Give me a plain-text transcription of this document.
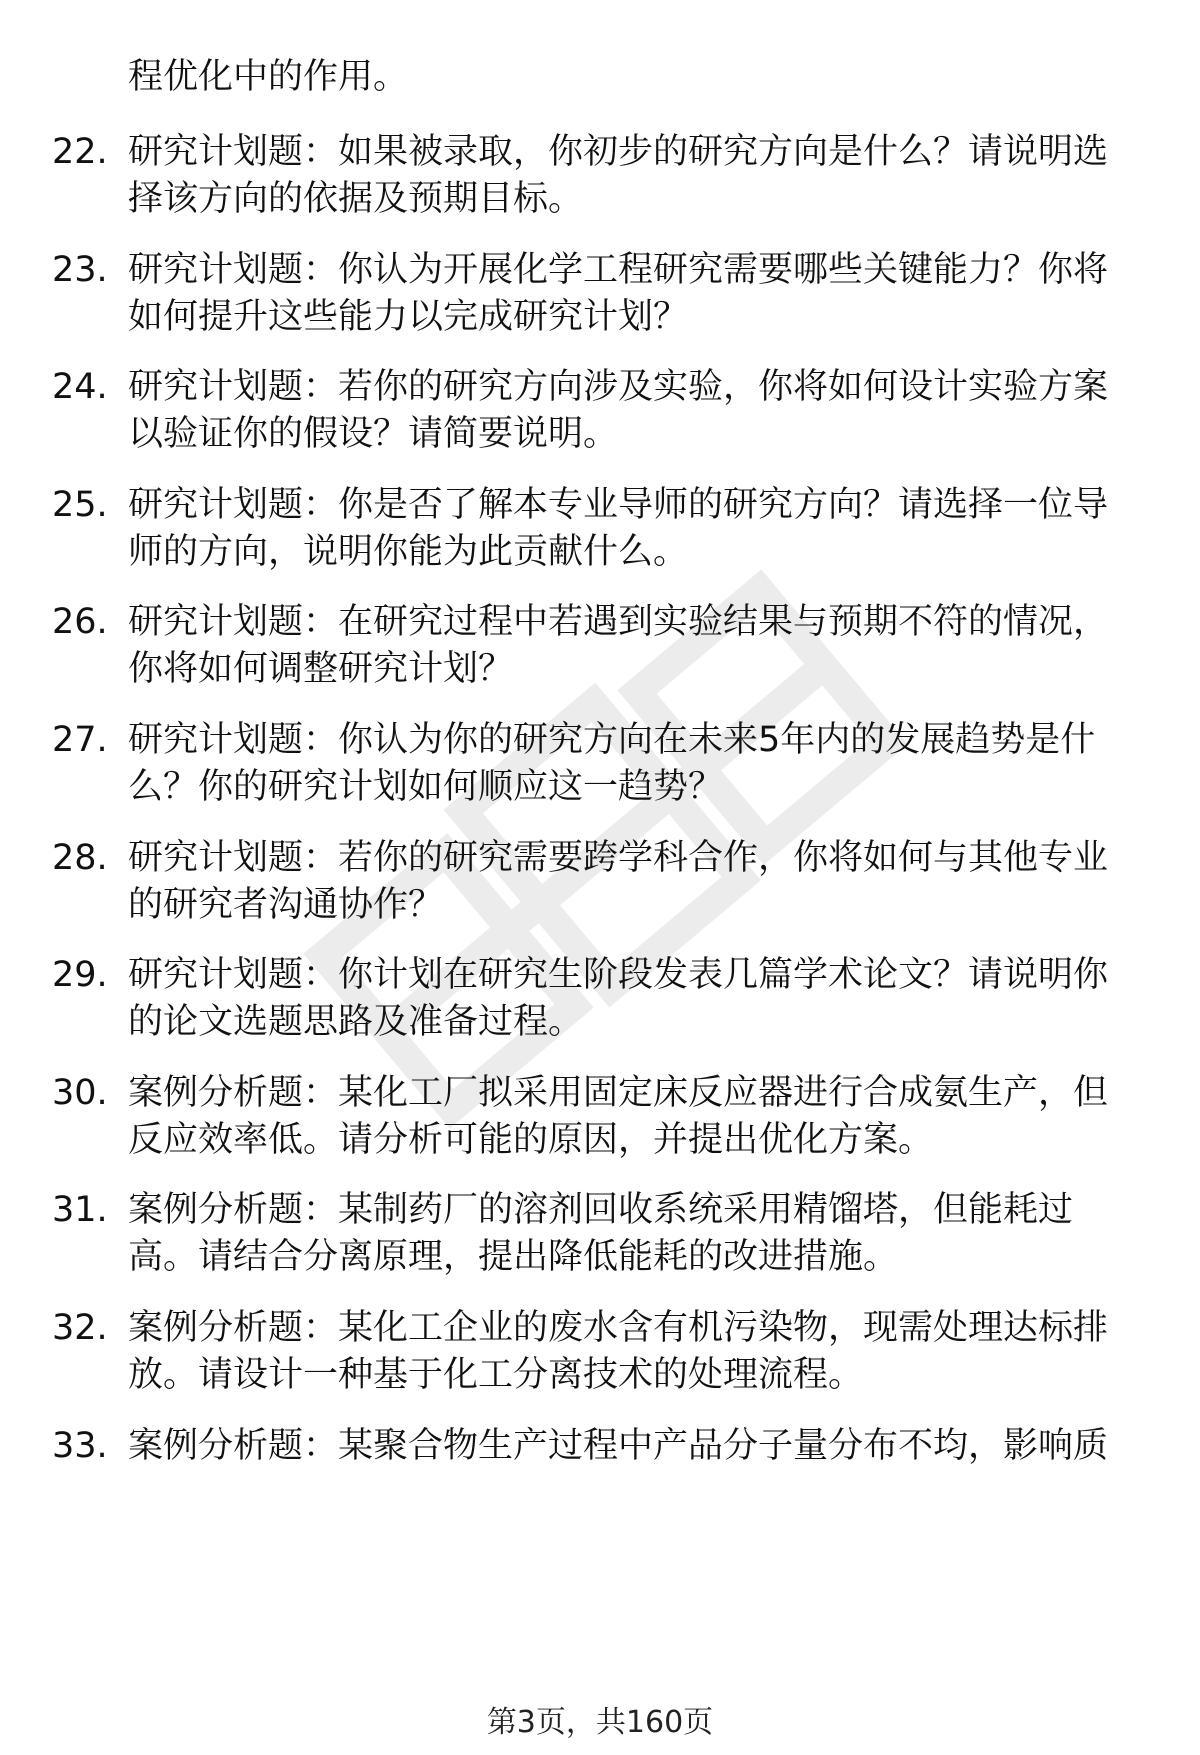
程优化中的作用。
22. 研究计划题：如果被录取，你初步的研究方向是什么？请说明选
择该方向的依据及预期目标。
23. 研究计划题：你认为开展化学工程研究需要哪些关键能力？你将
如何提升这些能力以完成研究计划？
24. 研究计划题：若你的研究方向涉及实验，你将如何设计实验方案
以验证你的假设？请简要说明。
25. 研究计划题：你是否了解本专业导师的研究方向？请选择一位导
师的方向，说明你能为此贡献什么。
26. 研究计划题：在研究过程中若遇到实验结果与预期不符的情况，
你将如何调整研究计划？
27. 研究计划题：你认为你的研究方向在未来5年内的发展趋势是什
么？你的研究计划如何顺应这一趋势？
28. 研究计划题：若你的研究需要跨学科合作，你将如何与其他专业
的研究者沟通协作？
29. 研究计划题：你计划在研究生阶段发表几篇学术论文？请说明你
的论文选题思路及准备过程。
30. 案例分析题：某化工厂拟采用固定床反应器进行合成氨生产，但
反应效率低。请分析可能的原因，并提出优化方案。
31. 案例分析题：某制药厂的溶剂回收系统采用精馏塔，但能耗过
高。请结合分离原理，提出降低能耗的改进措施。
32. 案例分析题：某化工企业的废水含有机污染物，现需处理达标排
放。请设计一种基于化工分离技术的处理流程。
33. 案例分析题：某聚合物生产过程中产品分子量分布不均，影响质
第3页，共160页
